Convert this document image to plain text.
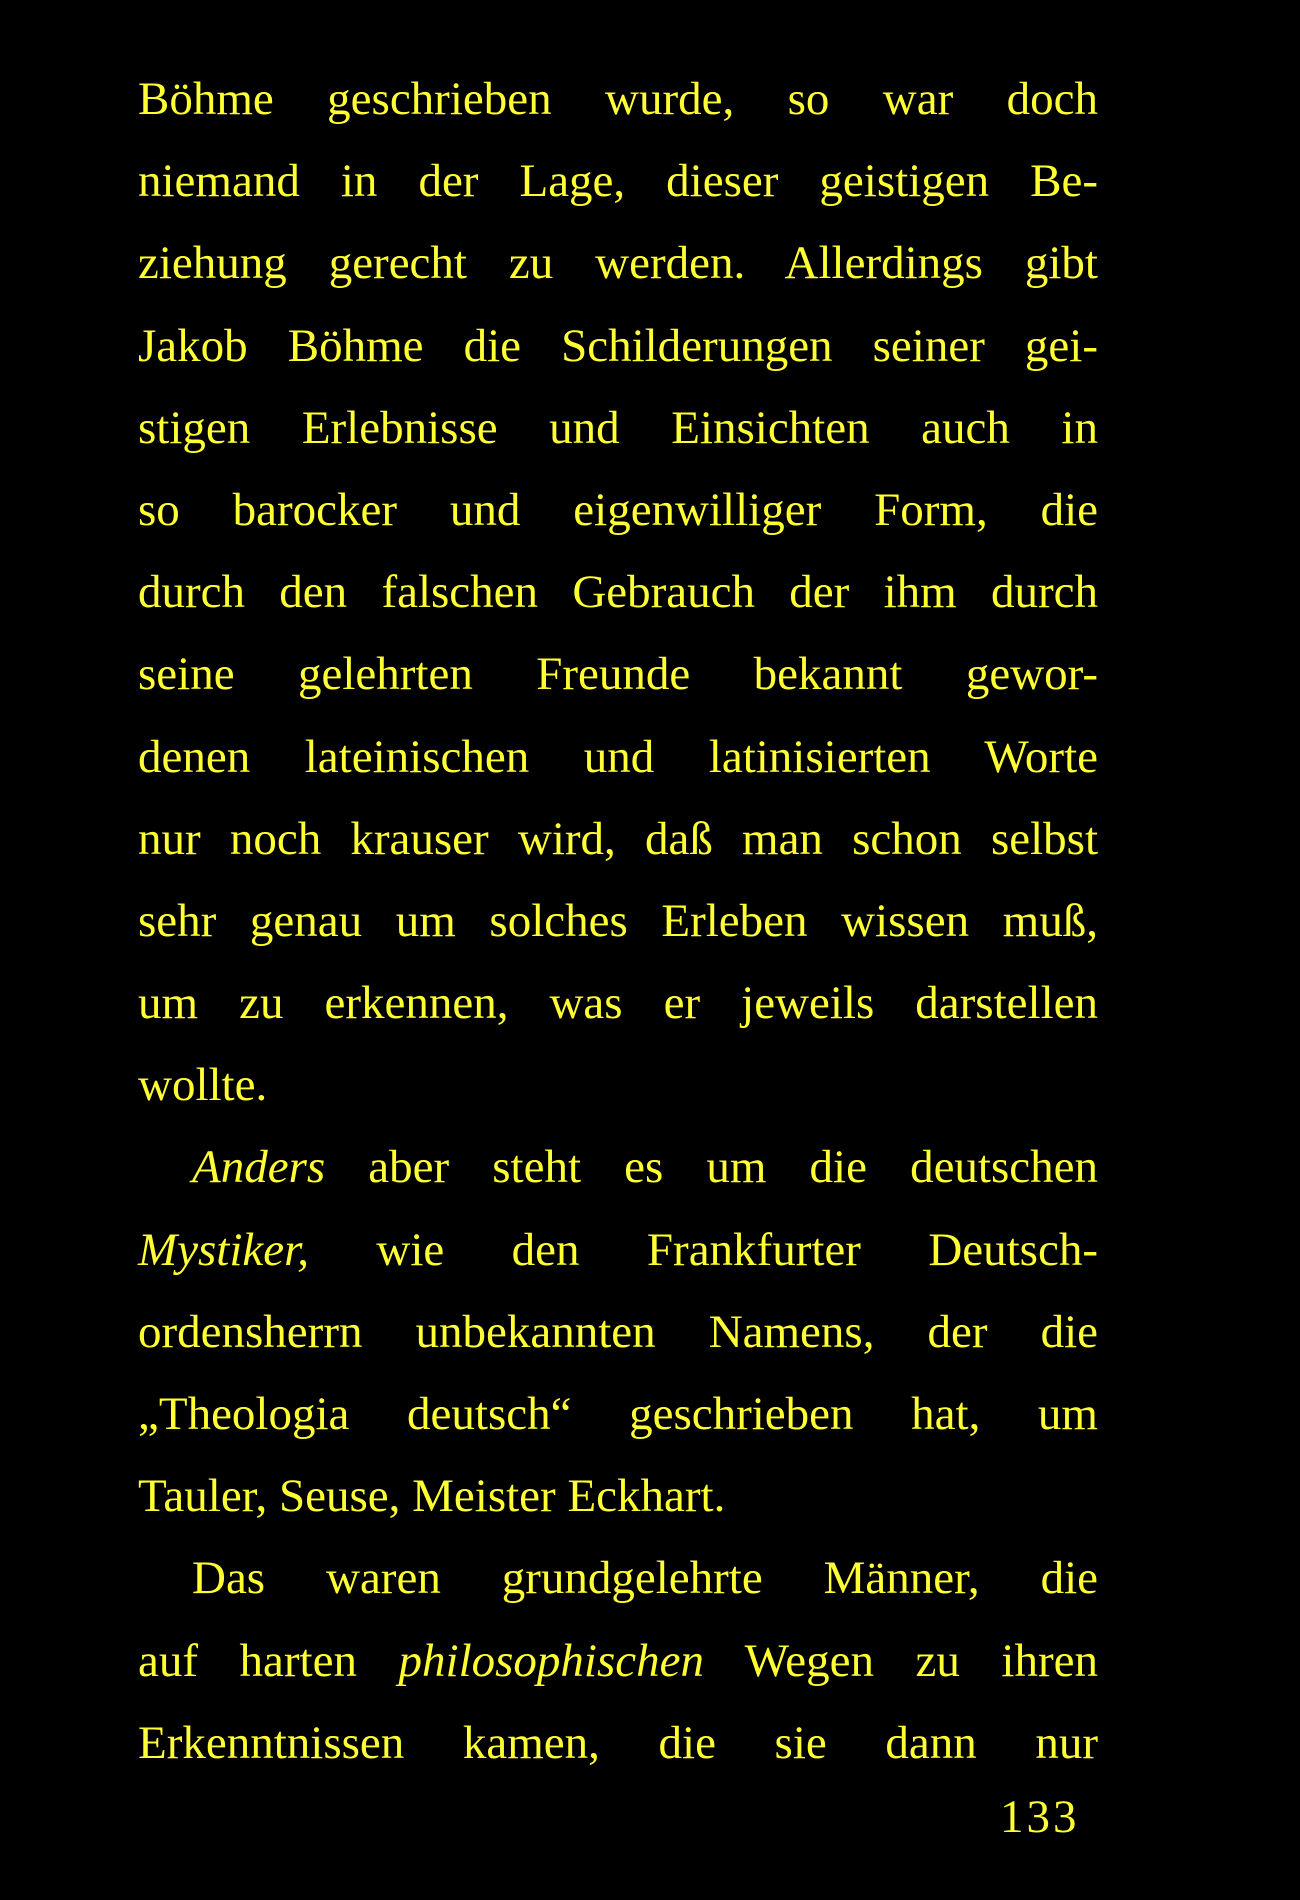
Böhme geschrieben wurde, so war doch
niemand in der Lage, dieser geistigen Be-
ziehung gerecht zu werden. Allerdings gibt
Jakob Böhme die Schilderungen seiner gei-
stigen Erlebnisse und Einsichten auch in
so barocker und eigenwilliger Form, die
durch den falschen Gebrauch der ihm durch
seine gelehrten Freunde bekannt gewor-
denen lateinischen und latinisierten Worte
nur noch krauser wird, daß man schon selbst
sehr genau um solches Erleben wissen muß,
um zu erkennen, was er jeweils darstellen
wollte.
Anders aber steht es um die deutschen
Mystiker, wie den Frankfurter Deutsch-
ordensherrn unbekannten Namens, der die
„Theologia deutsch“ geschrieben hat, um
Tauler, Seuse, Meister Eckhart.
Das waren grundgelehrte Männer, die
auf harten philosophischen Wegen zu ihren
Erkenntnissen kamen, die sie dann nur
133
